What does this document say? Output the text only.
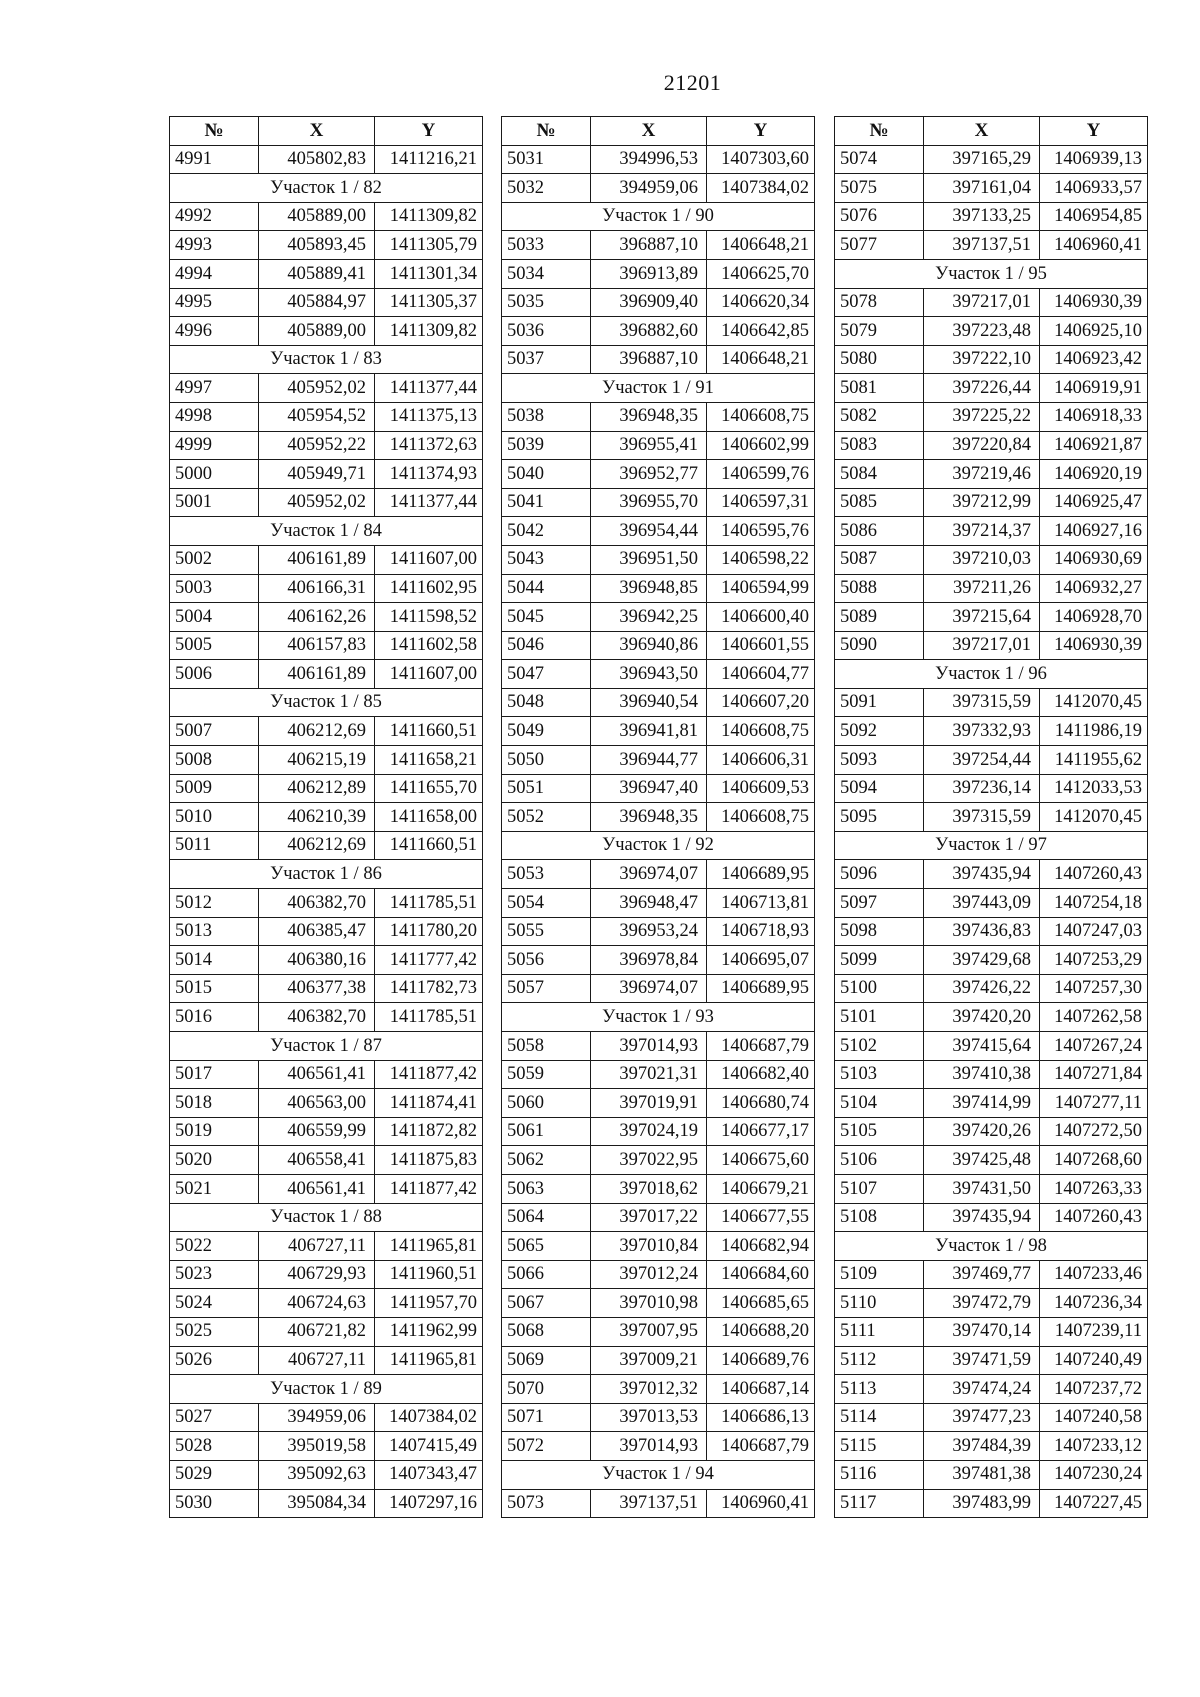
21201
№	X	Y
4991	405802,83	1411216,21
Участок 1 / 82		
4992	405889,00	1411309,82
4993	405893,45	1411305,79
4994	405889,41	1411301,34
4995	405884,97	1411305,37
4996	405889,00	1411309,82
Участок 1 / 83		
4997	405952,02	1411377,44
4998	405954,52	1411375,13
4999	405952,22	1411372,63
5000	405949,71	1411374,93
5001	405952,02	1411377,44
Участок 1 / 84		
5002	406161,89	1411607,00
5003	406166,31	1411602,95
5004	406162,26	1411598,52
5005	406157,83	1411602,58
5006	406161,89	1411607,00
Участок 1 / 85		
5007	406212,69	1411660,51
5008	406215,19	1411658,21
5009	406212,89	1411655,70
5010	406210,39	1411658,00
5011	406212,69	1411660,51
Участок 1 / 86		
5012	406382,70	1411785,51
5013	406385,47	1411780,20
5014	406380,16	1411777,42
5015	406377,38	1411782,73
5016	406382,70	1411785,51
Участок 1 / 87		
5017	406561,41	1411877,42
5018	406563,00	1411874,41
5019	406559,99	1411872,82
5020	406558,41	1411875,83
5021	406561,41	1411877,42
Участок 1 / 88		
5022	406727,11	1411965,81
5023	406729,93	1411960,51
5024	406724,63	1411957,70
5025	406721,82	1411962,99
5026	406727,11	1411965,81
Участок 1 / 89		
5027	394959,06	1407384,02
5028	395019,58	1407415,49
5029	395092,63	1407343,47
5030	395084,34	1407297,16
№	X	Y
5031	394996,53	1407303,60
5032	394959,06	1407384,02
Участок 1 / 90		
5033	396887,10	1406648,21
5034	396913,89	1406625,70
5035	396909,40	1406620,34
5036	396882,60	1406642,85
5037	396887,10	1406648,21
Участок 1 / 91		
5038	396948,35	1406608,75
5039	396955,41	1406602,99
5040	396952,77	1406599,76
5041	396955,70	1406597,31
5042	396954,44	1406595,76
5043	396951,50	1406598,22
5044	396948,85	1406594,99
5045	396942,25	1406600,40
5046	396940,86	1406601,55
5047	396943,50	1406604,77
5048	396940,54	1406607,20
5049	396941,81	1406608,75
5050	396944,77	1406606,31
5051	396947,40	1406609,53
5052	396948,35	1406608,75
Участок 1 / 92		
5053	396974,07	1406689,95
5054	396948,47	1406713,81
5055	396953,24	1406718,93
5056	396978,84	1406695,07
5057	396974,07	1406689,95
Участок 1 / 93		
5058	397014,93	1406687,79
5059	397021,31	1406682,40
5060	397019,91	1406680,74
5061	397024,19	1406677,17
5062	397022,95	1406675,60
5063	397018,62	1406679,21
5064	397017,22	1406677,55
5065	397010,84	1406682,94
5066	397012,24	1406684,60
5067	397010,98	1406685,65
5068	397007,95	1406688,20
5069	397009,21	1406689,76
5070	397012,32	1406687,14
5071	397013,53	1406686,13
5072	397014,93	1406687,79
Участок 1 / 94		
5073	397137,51	1406960,41
№	X	Y
5074	397165,29	1406939,13
5075	397161,04	1406933,57
5076	397133,25	1406954,85
5077	397137,51	1406960,41
Участок 1 / 95		
5078	397217,01	1406930,39
5079	397223,48	1406925,10
5080	397222,10	1406923,42
5081	397226,44	1406919,91
5082	397225,22	1406918,33
5083	397220,84	1406921,87
5084	397219,46	1406920,19
5085	397212,99	1406925,47
5086	397214,37	1406927,16
5087	397210,03	1406930,69
5088	397211,26	1406932,27
5089	397215,64	1406928,70
5090	397217,01	1406930,39
Участок 1 / 96		
5091	397315,59	1412070,45
5092	397332,93	1411986,19
5093	397254,44	1411955,62
5094	397236,14	1412033,53
5095	397315,59	1412070,45
Участок 1 / 97		
5096	397435,94	1407260,43
5097	397443,09	1407254,18
5098	397436,83	1407247,03
5099	397429,68	1407253,29
5100	397426,22	1407257,30
5101	397420,20	1407262,58
5102	397415,64	1407267,24
5103	397410,38	1407271,84
5104	397414,99	1407277,11
5105	397420,26	1407272,50
5106	397425,48	1407268,60
5107	397431,50	1407263,33
5108	397435,94	1407260,43
Участок 1 / 98		
5109	397469,77	1407233,46
5110	397472,79	1407236,34
5111	397470,14	1407239,11
5112	397471,59	1407240,49
5113	397474,24	1407237,72
5114	397477,23	1407240,58
5115	397484,39	1407233,12
5116	397481,38	1407230,24
5117	397483,99	1407227,45
